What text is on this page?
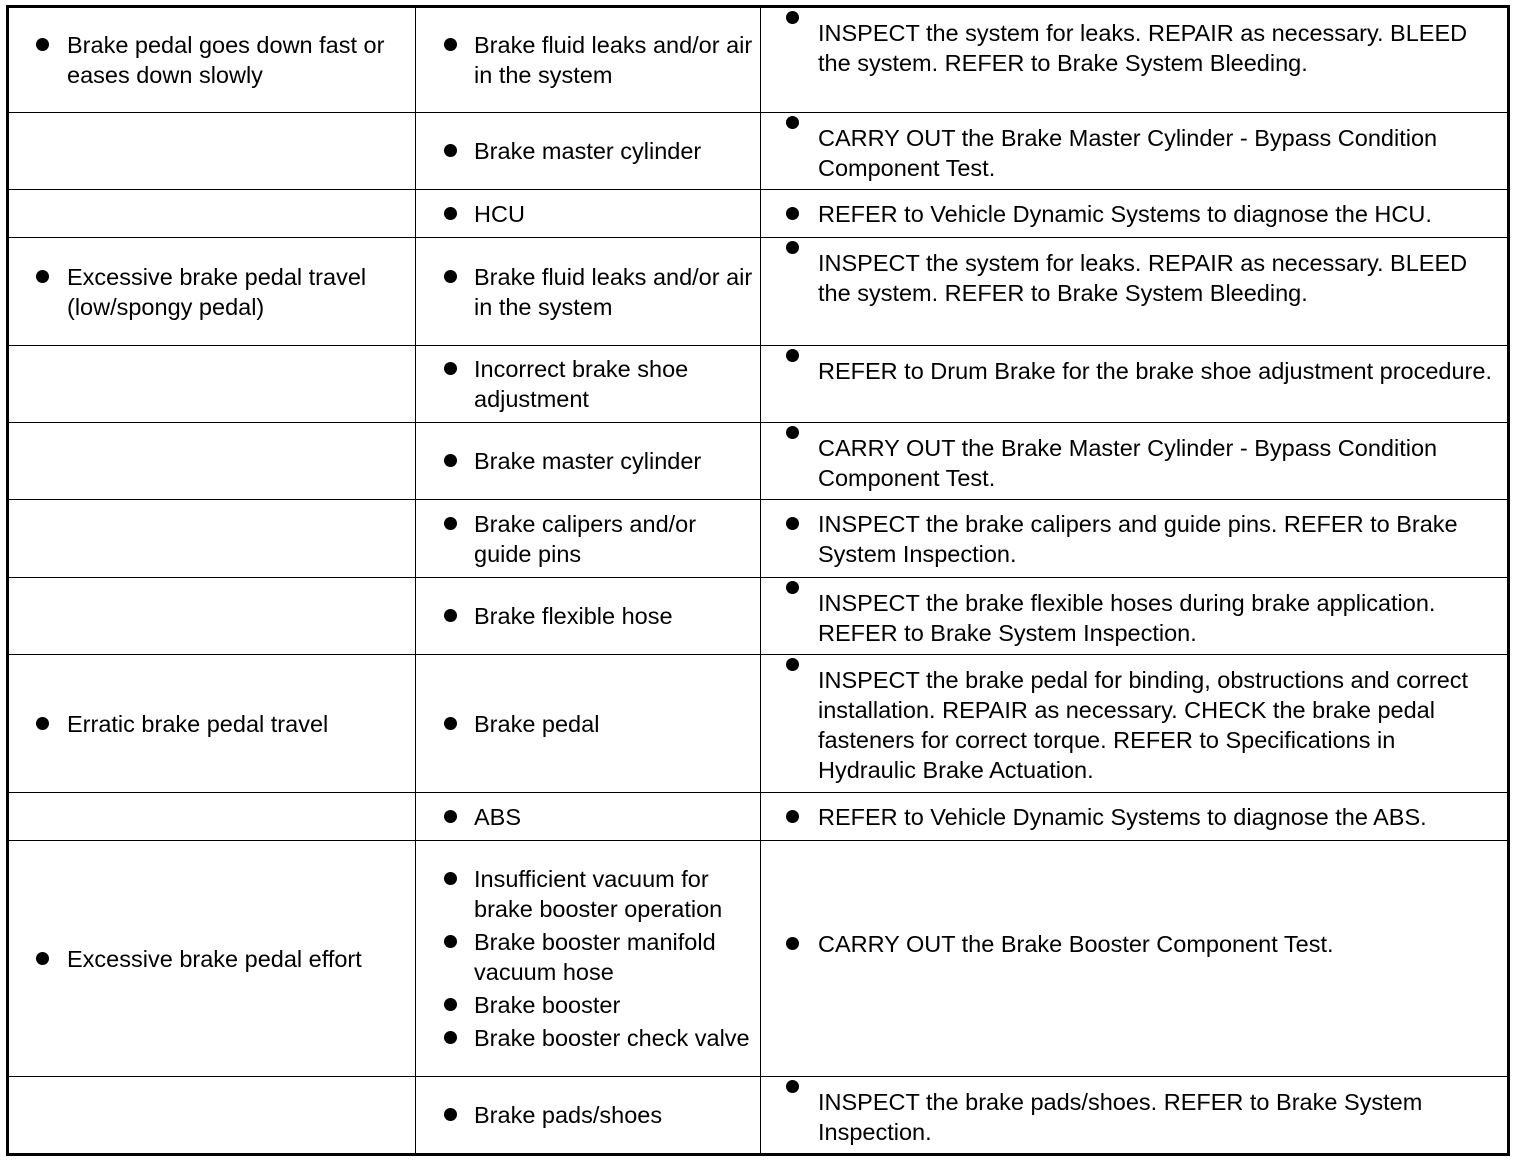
Brake pedal goes down fast or eases down slowly	Brake fluid leaks and/or air in the system	INSPECT the system for leaks. REPAIR as necessary. BLEED the system. REFER to Brake System Bleeding.

	Brake master cylinder	CARRY OUT the Brake Master Cylinder - Bypass Condition Component Test.

	HCU	REFER to Vehicle Dynamic Systems to diagnose the HCU.

Excessive brake pedal travel (low/spongy pedal)	Brake fluid leaks and/or air in the system	INSPECT the system for leaks. REPAIR as necessary. BLEED the system. REFER to Brake System Bleeding.

	Incorrect brake shoe adjustment	REFER to Drum Brake for the brake shoe adjustment procedure.

	Brake master cylinder	CARRY OUT the Brake Master Cylinder - Bypass Condition Component Test.

	Brake calipers and/or guide pins	INSPECT the brake calipers and guide pins. REFER to Brake System Inspection.

	Brake flexible hose	INSPECT the brake flexible hoses during brake application. REFER to Brake System Inspection.

Erratic brake pedal travel	Brake pedal	INSPECT the brake pedal for binding, obstructions and correct installation. REPAIR as necessary. CHECK the brake pedal fasteners for correct torque. REFER to Specifications in Hydraulic Brake Actuation.

	ABS	REFER to Vehicle Dynamic Systems to diagnose the ABS.

Excessive brake pedal effort	Insufficient vacuum for brake booster operation
Brake booster manifold vacuum hose
Brake booster
Brake booster check valve	CARRY OUT the Brake Booster Component Test.

	Brake pads/shoes	INSPECT the brake pads/shoes. REFER to Brake System Inspection.
